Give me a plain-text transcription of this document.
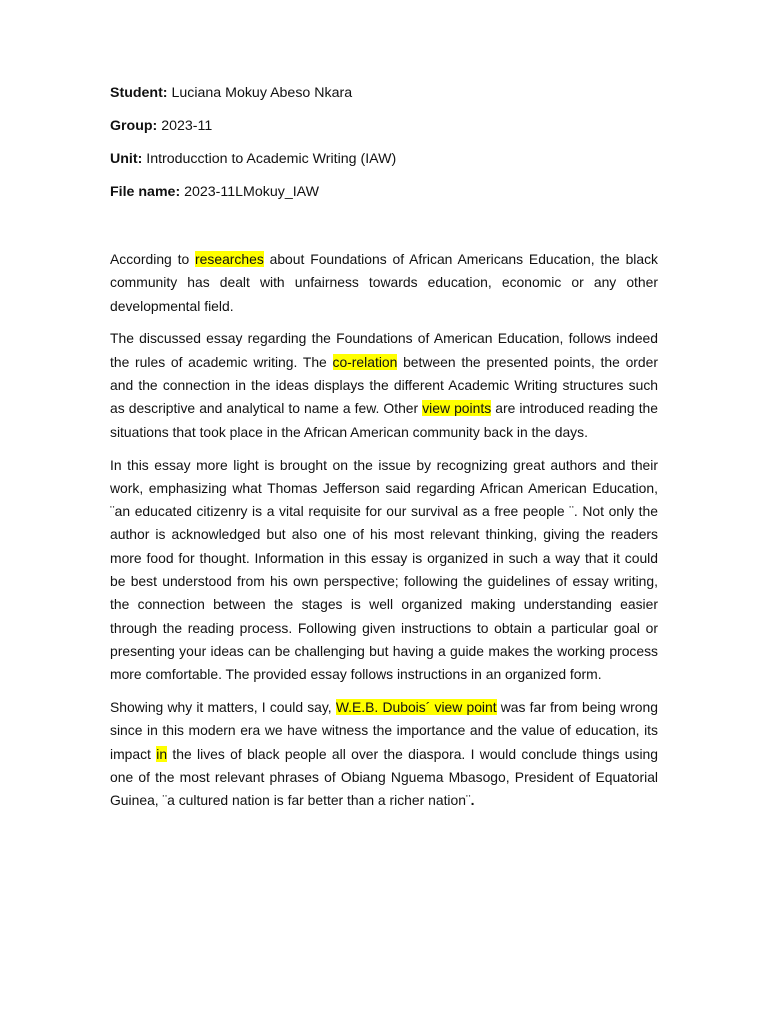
Student: Luciana Mokuy Abeso Nkara

Group: 2023-11

Unit: Introducction to Academic Writing (IAW)

File name: 2023-11LMokuy_IAW

According to researches about Foundations of African Americans Education, the black community has dealt with unfairness towards education, economic or any other developmental field.

The discussed essay regarding the Foundations of American Education, follows indeed the rules of academic writing. The co-relation between the presented points, the order and the connection in the ideas displays the different Academic Writing structures such as descriptive and analytical to name a few. Other view points are introduced reading the situations that took place in the African American community back in the days.

In this essay more light is brought on the issue by recognizing great authors and their work, emphasizing what Thomas Jefferson said regarding African American Education, ¨an educated citizenry is a vital requisite for our survival as a free people ¨. Not only the author is acknowledged but also one of his most relevant thinking, giving the readers more food for thought. Information in this essay is organized in such a way that it could be best understood from his own perspective; following the guidelines of essay writing, the connection between the stages is well organized making understanding easier through the reading process. Following given instructions to obtain a particular goal or presenting your ideas can be challenging but having a guide makes the working process more comfortable. The provided essay follows instructions in an organized form.

Showing why it matters, I could say, W.E.B. Dubois´ view point was far from being wrong since in this modern era we have witness the importance and the value of education, its impact in the lives of black people all over the diaspora. I would conclude things using one of the most relevant phrases of Obiang Nguema Mbasogo, President of Equatorial Guinea, ¨a cultured nation is far better than a richer nation¨.
